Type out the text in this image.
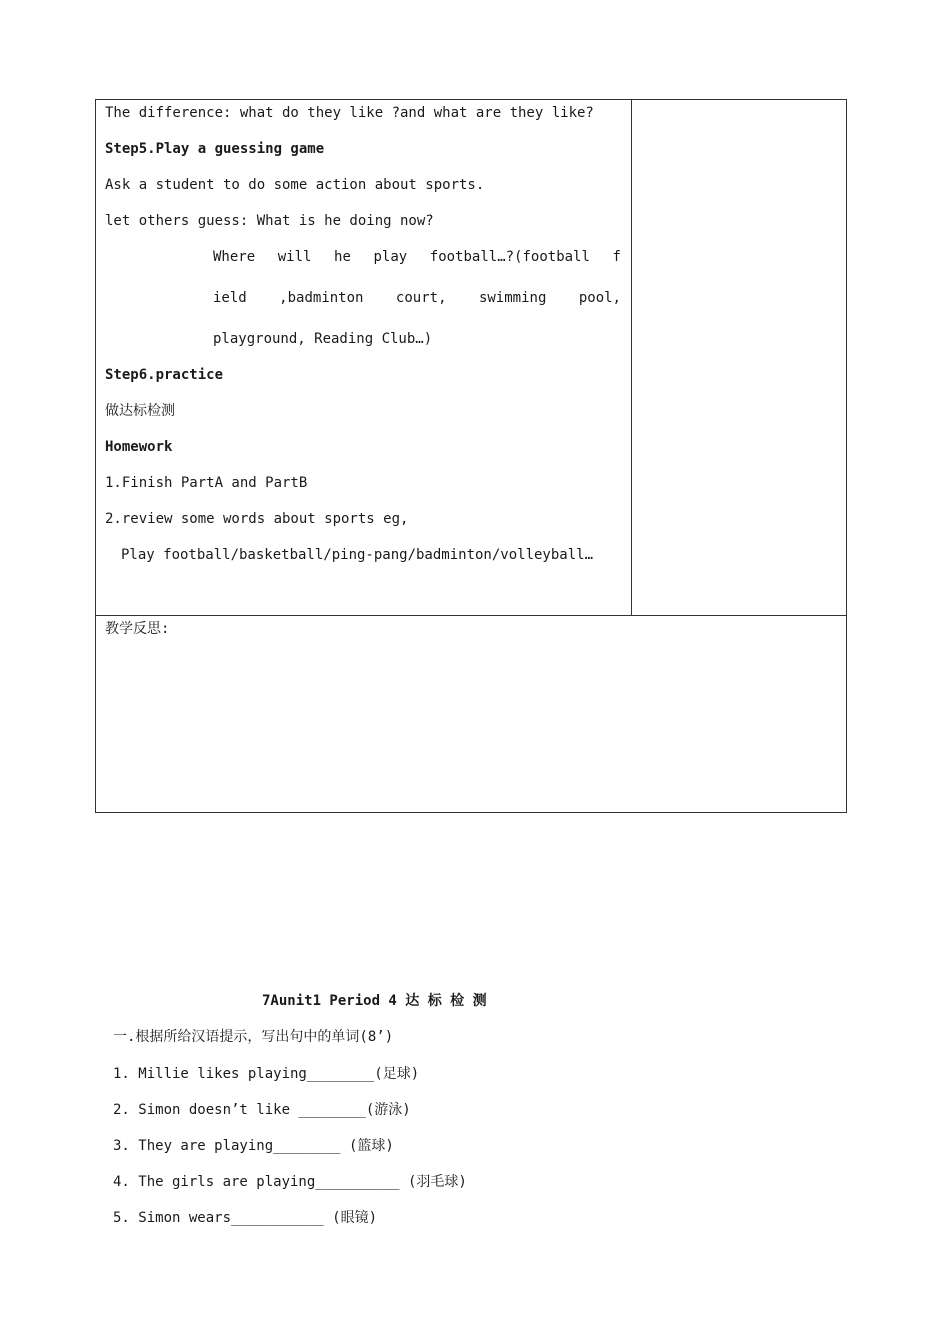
The difference: what do they like ?and what are they like?
Step5.Play a guessing game
Ask a student to do some action about sports.
let others guess: What is he doing now?
Where will he play football…?(football f
ield ,badminton court, swimming pool,
playground, Reading Club…)
Step6.practice
做达标检测
Homework
1.Finish PartA and PartB
2.review some words about sports eg,
Play football/basketball/ping-pang/badminton/volleyball…
教学反思:
7Aunit1 Period 4 达 标 检 测
一.根据所给汉语提示，写出句中的单词(8’)
1. Millie likes playing________(足球)
2. Simon doesn’t like ________(游泳)
3. They are playing________ (篮球)
4. The girls are playing__________ (羽毛球)
5. Simon wears___________ (眼镜)
